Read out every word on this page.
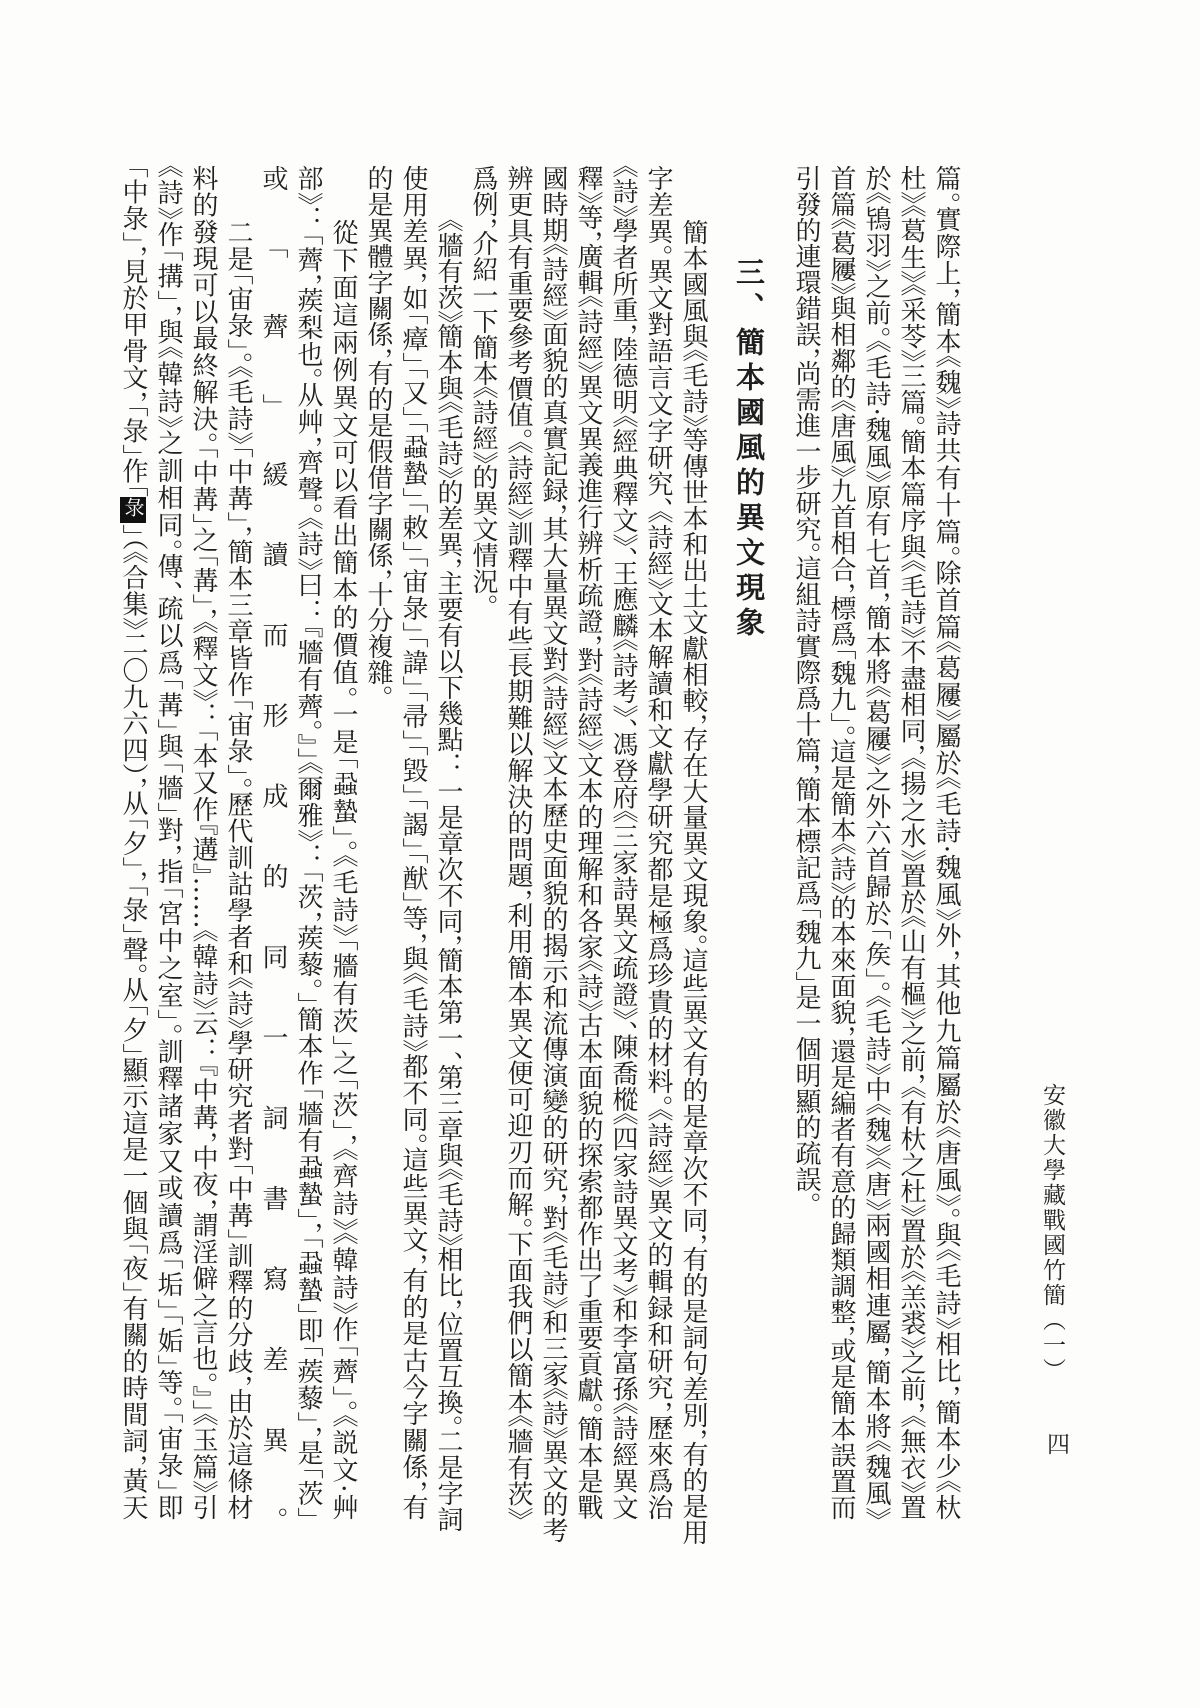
安徽大學藏戰國竹簡（一）
四
篇。實際上，簡本《魏》詩共有十篇。除首篇《葛屨》屬於《毛詩·魏風》外，其他九篇屬於《唐風》。與《毛詩》相比，簡本少《杕
杜》《葛生》《采苓》三篇。簡本篇序與《毛詩》不盡相同，《揚之水》置於《山有樞》之前，《有杕之杜》置於《羔裘》之前，《無衣》置
於《鴇羽》之前。《毛詩·魏風》原有七首，簡本將《葛屨》之外六首歸於「矦」。《毛詩》中《魏》《唐》兩國相連屬，簡本將《魏風》
首篇《葛屨》與相鄰的《唐風》九首相合，標爲「魏九」。這是簡本《詩》的本來面貌，還是編者有意的歸類調整，或是簡本誤置而
引發的連環錯誤，尚需進一步研究。這組詩實際爲十篇，簡本標記爲「魏九」是一個明顯的疏誤。
三、簡本國風的異文現象
簡本國風與《毛詩》等傳世本和出土文獻相較，存在大量異文現象。這些異文有的是章次不同，有的是詞句差別，有的是用
字差異。異文對語言文字研究、《詩經》文本解讀和文獻學研究都是極爲珍貴的材料。《詩經》異文的輯録和研究，歷來爲治
《詩》學者所重，陸德明《經典釋文》、王應麟《詩考》、馮登府《三家詩異文疏證》、陳喬樅《四家詩異文考》和李富孫《詩經異文
釋》等，廣輯《詩經》異文異義進行辨析疏證，對《詩經》文本的理解和各家《詩》古本面貌的探索都作出了重要貢獻。簡本是戰
國時期《詩經》面貌的真實記録，其大量異文對《詩經》文本歷史面貌的揭示和流傳演變的研究，對《毛詩》和三家《詩》異文的考
辨更具有重要參考價值。《詩經》訓釋中有些長期難以解決的問題，利用簡本異文便可迎刃而解。下面我們以簡本《牆有茨》
爲例，介紹一下簡本《詩經》的異文情況。
《牆有茨》簡本與《毛詩》的差異，主要有以下幾點：一是章次不同，簡本第一、第三章與《毛詩》相比，位置互換。二是字詞
使用差異，如「瘴」「又」「蝨蟄」「敕」「宙彔」「諱」「帚」「毀」「謁」「猷」等，與《毛詩》都不同。這些異文，有的是古今字關係，有
的是異體字關係，有的是假借字關係，十分複雜。
從下面這兩例異文可以看出簡本的價值。一是「蝨蟄」。《毛詩》「牆有茨」之「茨」，《齊詩》《韓詩》作「薺」。《説文·艸
部》：「薺，蒺梨也。从艸，齊聲。《詩》曰：『牆有薺。』」《爾雅》：「茨，蒺藜。」簡本作「牆有蝨蟄」，「蝨蟄」即「蒺藜」，是「茨」
或「薺」緩讀而形成的同一詞書寫差異。
二是「宙彔」。《毛詩》「中冓」，簡本三章皆作「宙彔」。歷代訓詁學者和《詩》學研究者對「中冓」訓釋的分歧，由於這條材
料的發現可以最終解決。「中冓」之「冓」，《釋文》：「本又作『遘』……《韓詩》云：『中冓，中夜，謂淫僻之言也。』」《玉篇》引
《詩》作「搆」，與《韓詩》之訓相同。傳、疏以爲「冓」與「牆」對，指「宮中之室」。訓釋諸家又或讀爲「垢」「姤」等。「宙彔」即
「中彔」，見於甲骨文，「彔」作「彔」（《合集》二〇九六四），从「夕」，「彔」聲。从「夕」顯示這是一個與「夜」有關的時間詞，黃天
